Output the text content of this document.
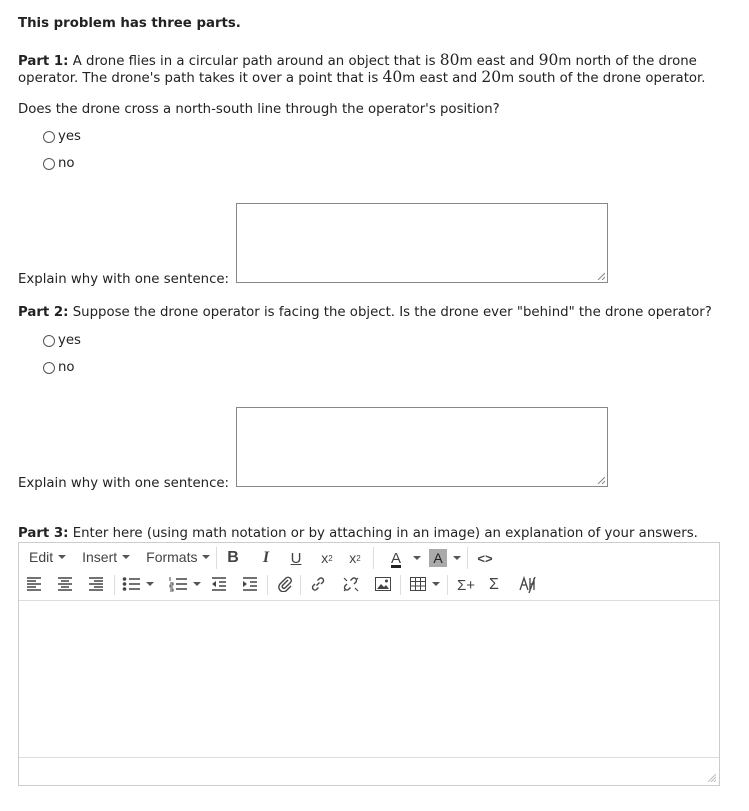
This problem has three parts.
Part 1: A drone flies in a circular path around an object that is 80m east and 90m north of the drone
operator. The drone's path takes it over a point that is 40m east and 20m south of the drone operator.
Does the drone cross a north-south line through the operator's position?
yes
no
Explain why with one sentence:
Part 2: Suppose the drone operator is facing the object. Is the drone ever "behind" the drone operator?
yes
no
Explain why with one sentence:
Part 3: Enter here (using math notation or by attaching in an image) an explanation of your answers.
Edit Insert Formats	B	I	U	x 2 x 2	A	A	<>
Σ+ Σ
